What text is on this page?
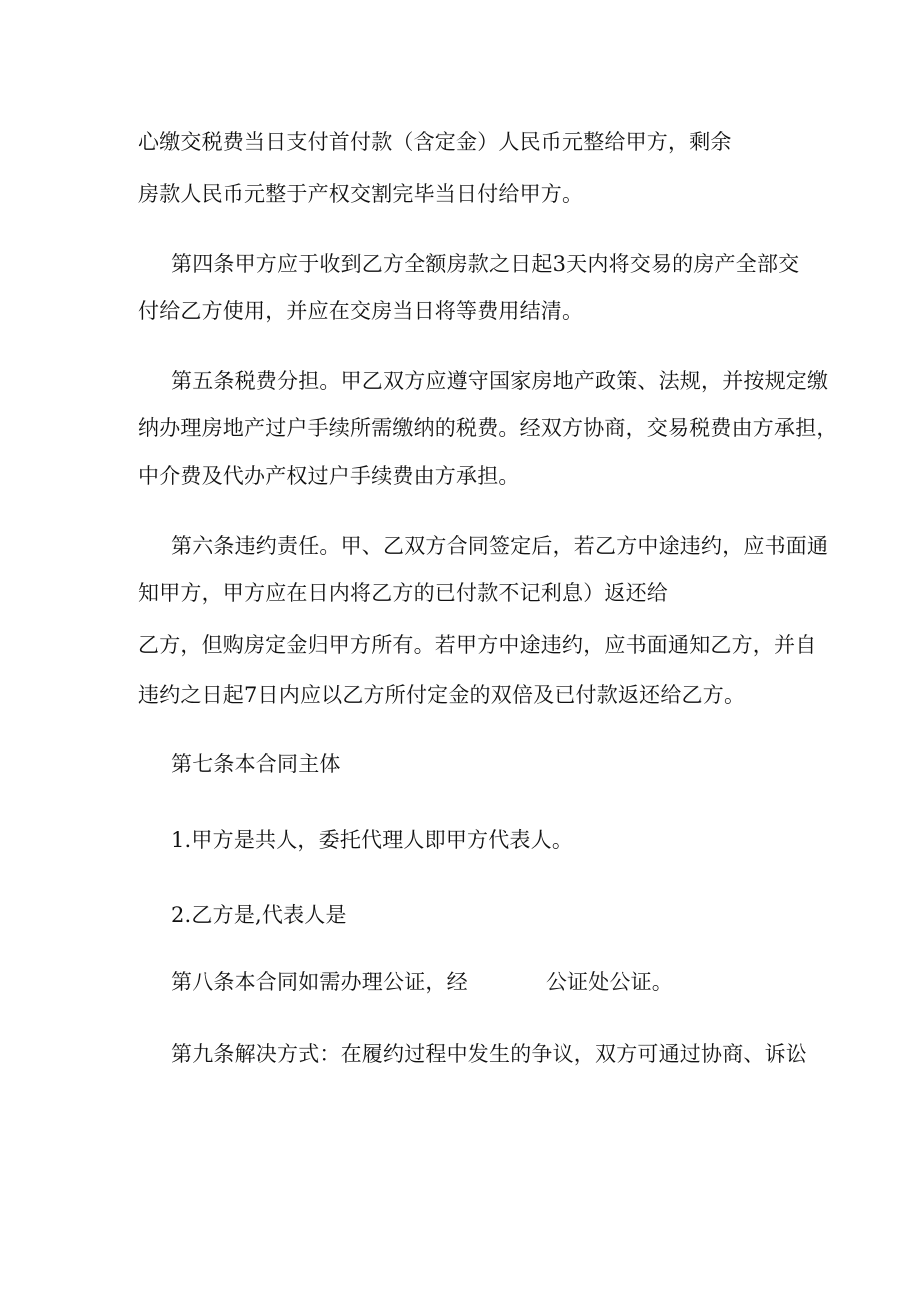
心缴交税费当日支付首付款（含定金）人民币元整给甲方，剩余
房款人民币元整于产权交割完毕当日付给甲方。
第四条甲方应于收到乙方全额房款之日起3天内将交易的房产全部交
付给乙方使用，并应在交房当日将等费用结清。
第五条税费分担。甲乙双方应遵守国家房地产政策、法规，并按规定缴
纳办理房地产过户手续所需缴纳的税费。经双方协商，交易税费由方承担，
中介费及代办产权过户手续费由方承担。
第六条违约责任。甲、乙双方合同签定后，若乙方中途违约，应书面通
知甲方，甲方应在日内将乙方的已付款不记利息）返还给
乙方，但购房定金归甲方所有。若甲方中途违约，应书面通知乙方，并自
违约之日起7日内应以乙方所付定金的双倍及已付款返还给乙方。
第七条本合同主体
1.甲方是共人，委托代理人即甲方代表人。
2.乙方是,代表人是
第八条本合同如需办理公证，经	公证处公证。
第九条解决方式：在履约过程中发生的争议，双方可通过协商、诉讼
